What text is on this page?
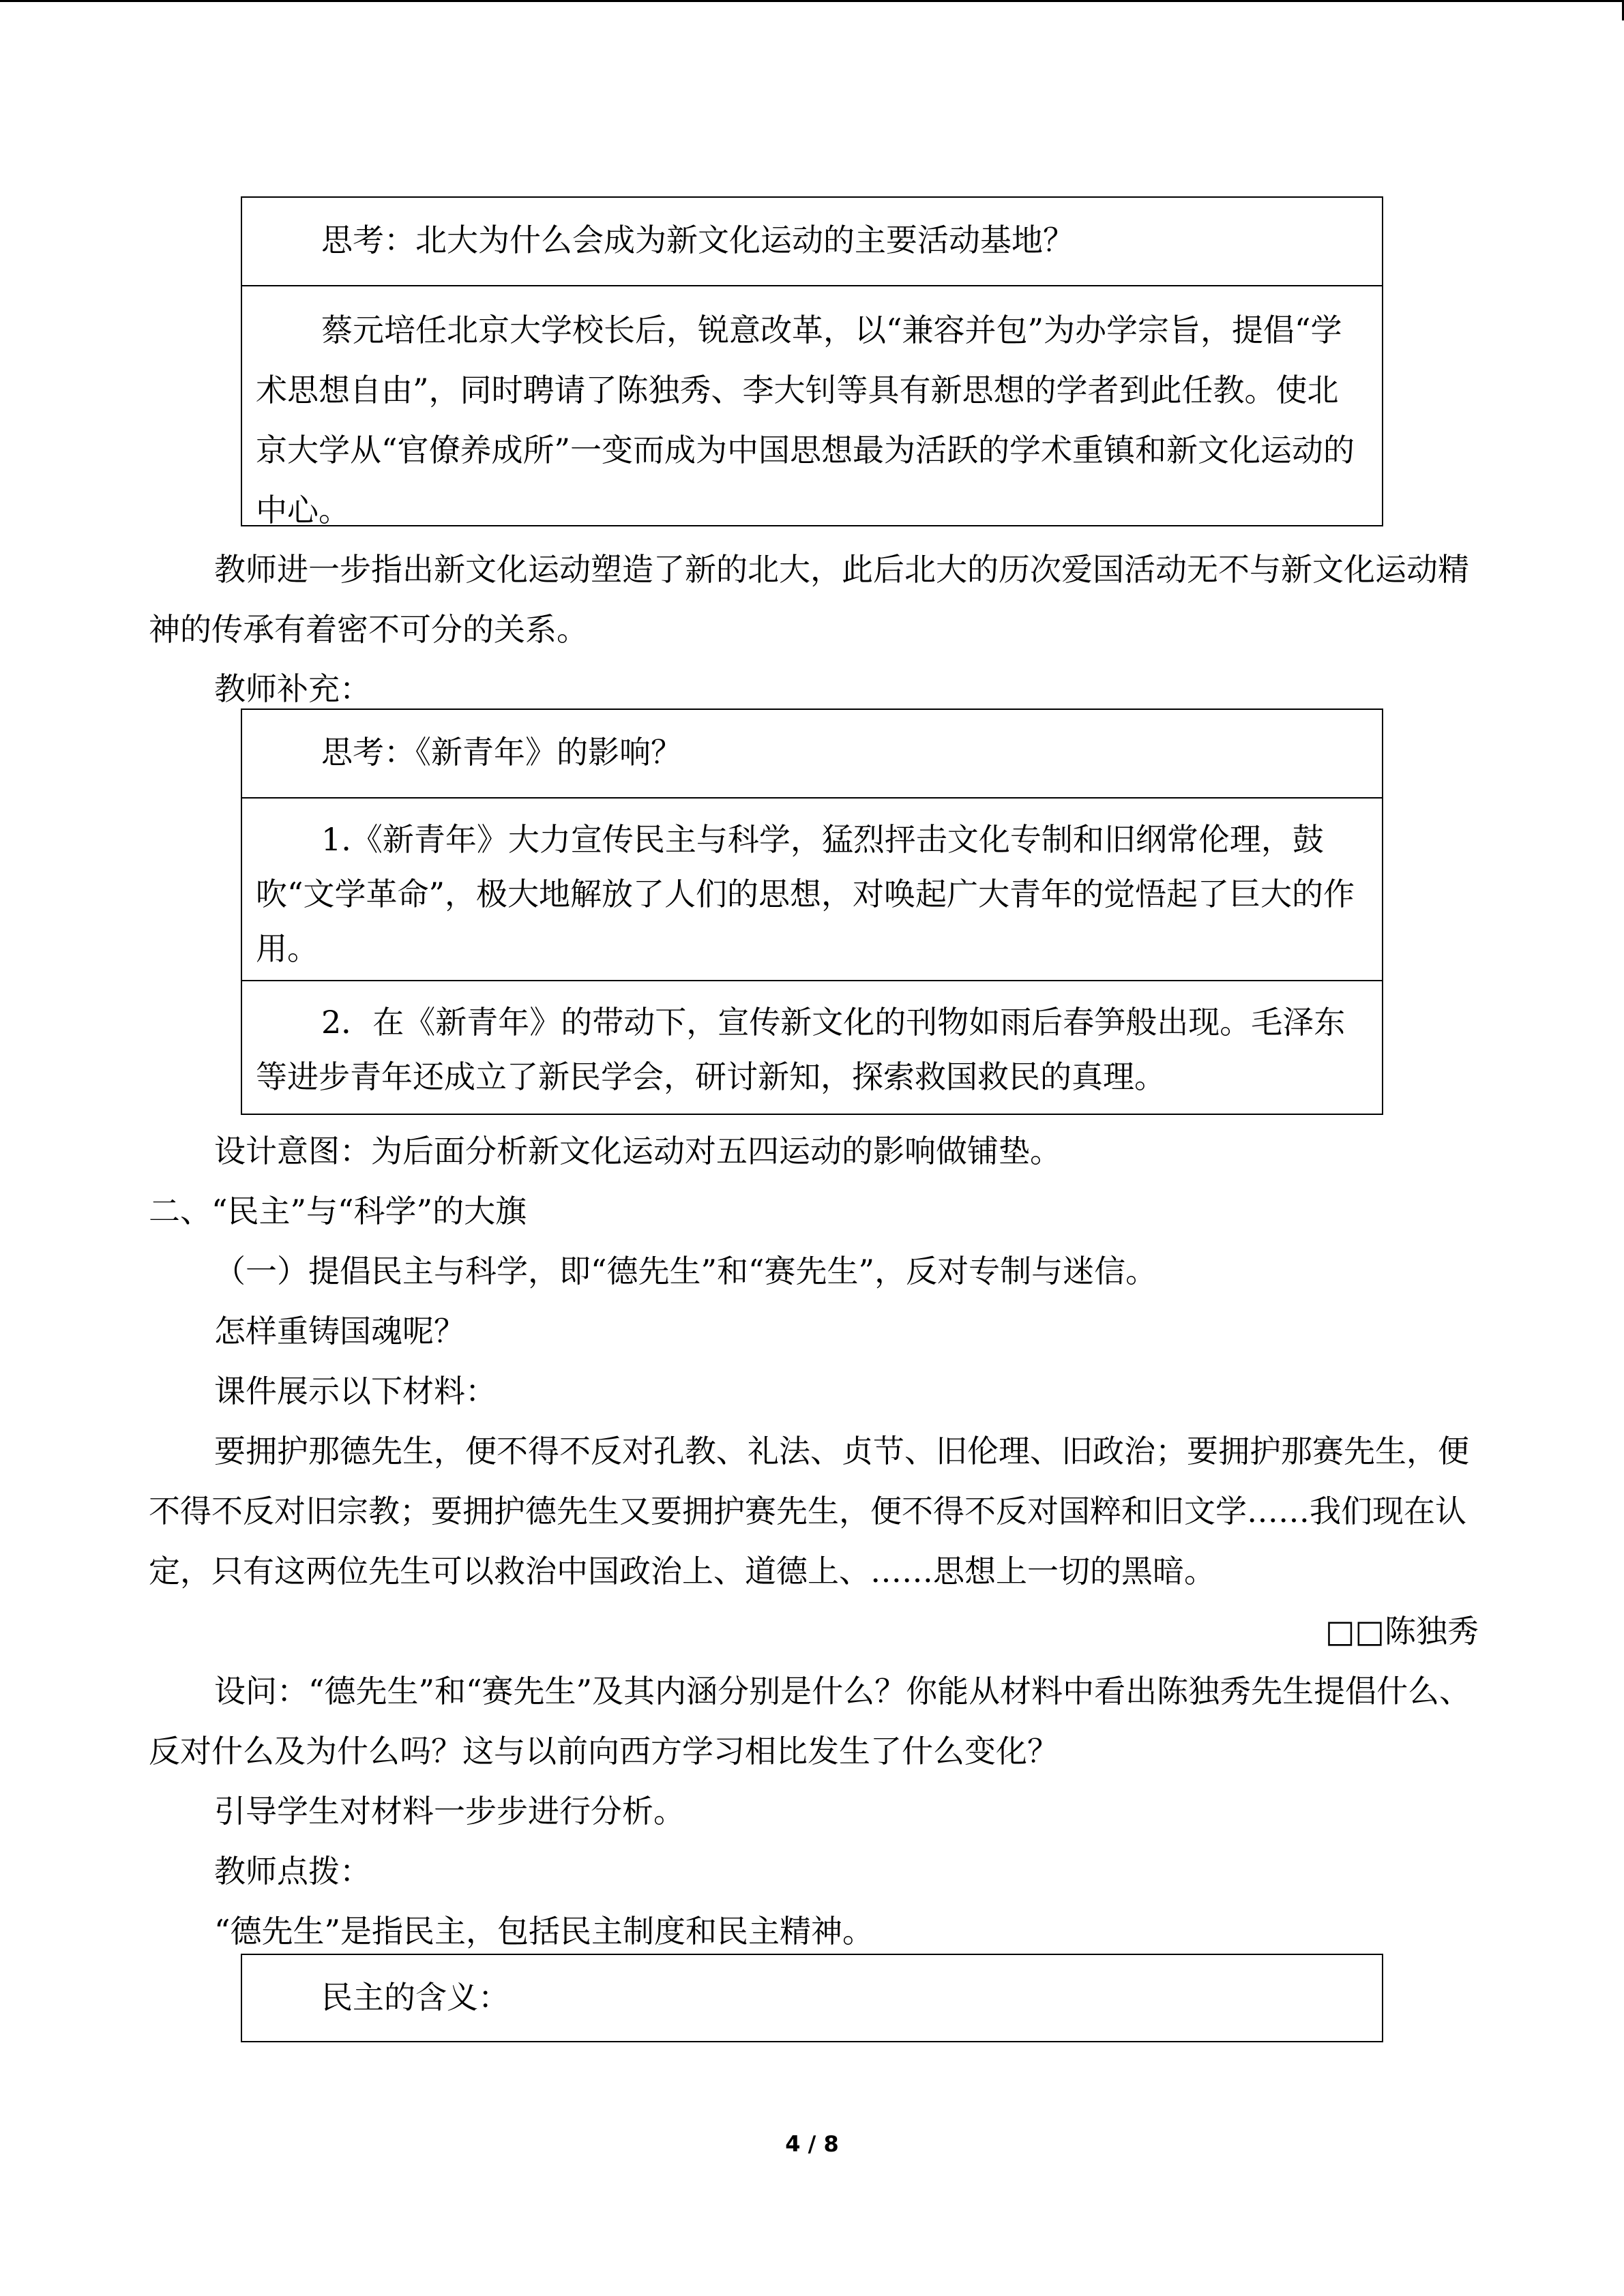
思考：北大为什么会成为新文化运动的主要活动基地？

蔡元培任北京大学校长后，锐意改革，以“兼容并包”为办学宗旨，提倡“学术思想自由”，同时聘请了陈独秀、李大钊等具有新思想的学者到此任教。使北京大学从“官僚养成所”一变而成为中国思想最为活跃的学术重镇和新文化运动的中心。

教师进一步指出新文化运动塑造了新的北大，此后北大的历次爱国活动无不与新文化运动精神的传承有着密不可分的关系。

教师补充：

思考：《新青年》的影响？

1.《新青年》大力宣传民主与科学，猛烈抨击文化专制和旧纲常伦理，鼓吹“文学革命”，极大地解放了人们的思想，对唤起广大青年的觉悟起了巨大的作用。

2．在《新青年》的带动下，宣传新文化的刊物如雨后春笋般出现。毛泽东等进步青年还成立了新民学会，研讨新知，探索救国救民的真理。

设计意图：为后面分析新文化运动对五四运动的影响做铺垫。

二、“民主”与“科学”的大旗

（一）提倡民主与科学，即“德先生”和“赛先生”，反对专制与迷信。

怎样重铸国魂呢？

课件展示以下材料：

要拥护那德先生，便不得不反对孔教、礼法、贞节、旧伦理、旧政治；要拥护那赛先生，便不得不反对旧宗教；要拥护德先生又要拥护赛先生，便不得不反对国粹和旧文学……我们现在认定，只有这两位先生可以救治中国政治上、道德上、……思想上一切的黑暗。

□□陈独秀

设问：“德先生”和“赛先生”及其内涵分别是什么？你能从材料中看出陈独秀先生提倡什么、反对什么及为什么吗？这与以前向西方学习相比发生了什么变化？

引导学生对材料一步步进行分析。

教师点拨：

“德先生”是指民主，包括民主制度和民主精神。

民主的含义：

4 / 8
